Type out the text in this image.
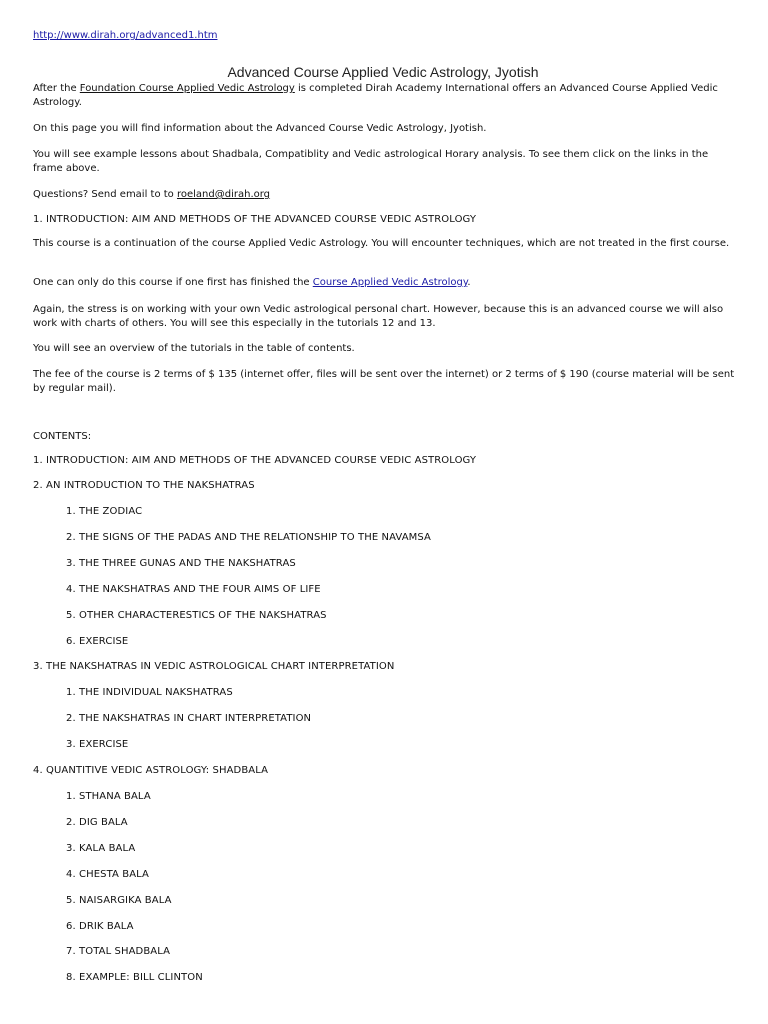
http://www.dirah.org/advanced1.htm
Advanced Course Applied Vedic Astrology, Jyotish
After the Foundation Course Applied Vedic Astrology is completed Dirah Academy International offers an Advanced Course Applied Vedic Astrology.
On this page you will find information about the Advanced Course Vedic Astrology, Jyotish.
You will see example lessons about Shadbala, Compatiblity and Vedic astrological Horary analysis. To see them click on the links in the frame above.
Questions? Send email to to roeland@dirah.org
1. INTRODUCTION: AIM AND METHODS OF THE ADVANCED COURSE VEDIC ASTROLOGY
This course is a continuation of the course Applied Vedic Astrology. You will encounter techniques, which are not treated in the first course.
One can only do this course if one first has finished the Course Applied Vedic Astrology.
Again, the stress is on working with your own Vedic astrological personal chart. However, because this is an advanced course we will also work with charts of others. You will see this especially in the tutorials 12 and 13.
You will see an overview of the tutorials in the table of contents.
The fee of the course is 2 terms of $ 135 (internet offer, files will be sent over the internet) or 2 terms of $ 190 (course material will be sent by regular mail).
CONTENTS:
1. INTRODUCTION: AIM AND METHODS OF THE ADVANCED COURSE VEDIC ASTROLOGY
2. AN INTRODUCTION TO THE NAKSHATRAS
1. THE ZODIAC
2. THE SIGNS OF THE PADAS AND THE RELATIONSHIP TO THE NAVAMSA
3. THE THREE GUNAS AND THE NAKSHATRAS
4. THE NAKSHATRAS AND THE FOUR AIMS OF LIFE
5. OTHER CHARACTERESTICS OF THE NAKSHATRAS
6. EXERCISE
3. THE NAKSHATRAS IN VEDIC ASTROLOGICAL CHART INTERPRETATION
1. THE INDIVIDUAL NAKSHATRAS
2. THE NAKSHATRAS IN CHART INTERPRETATION
3. EXERCISE
4. QUANTITIVE VEDIC ASTROLOGY: SHADBALA
1. STHANA BALA
2. DIG BALA
3. KALA BALA
4. CHESTA BALA
5. NAISARGIKA BALA
6. DRIK BALA
7. TOTAL SHADBALA
8. EXAMPLE: BILL CLINTON
